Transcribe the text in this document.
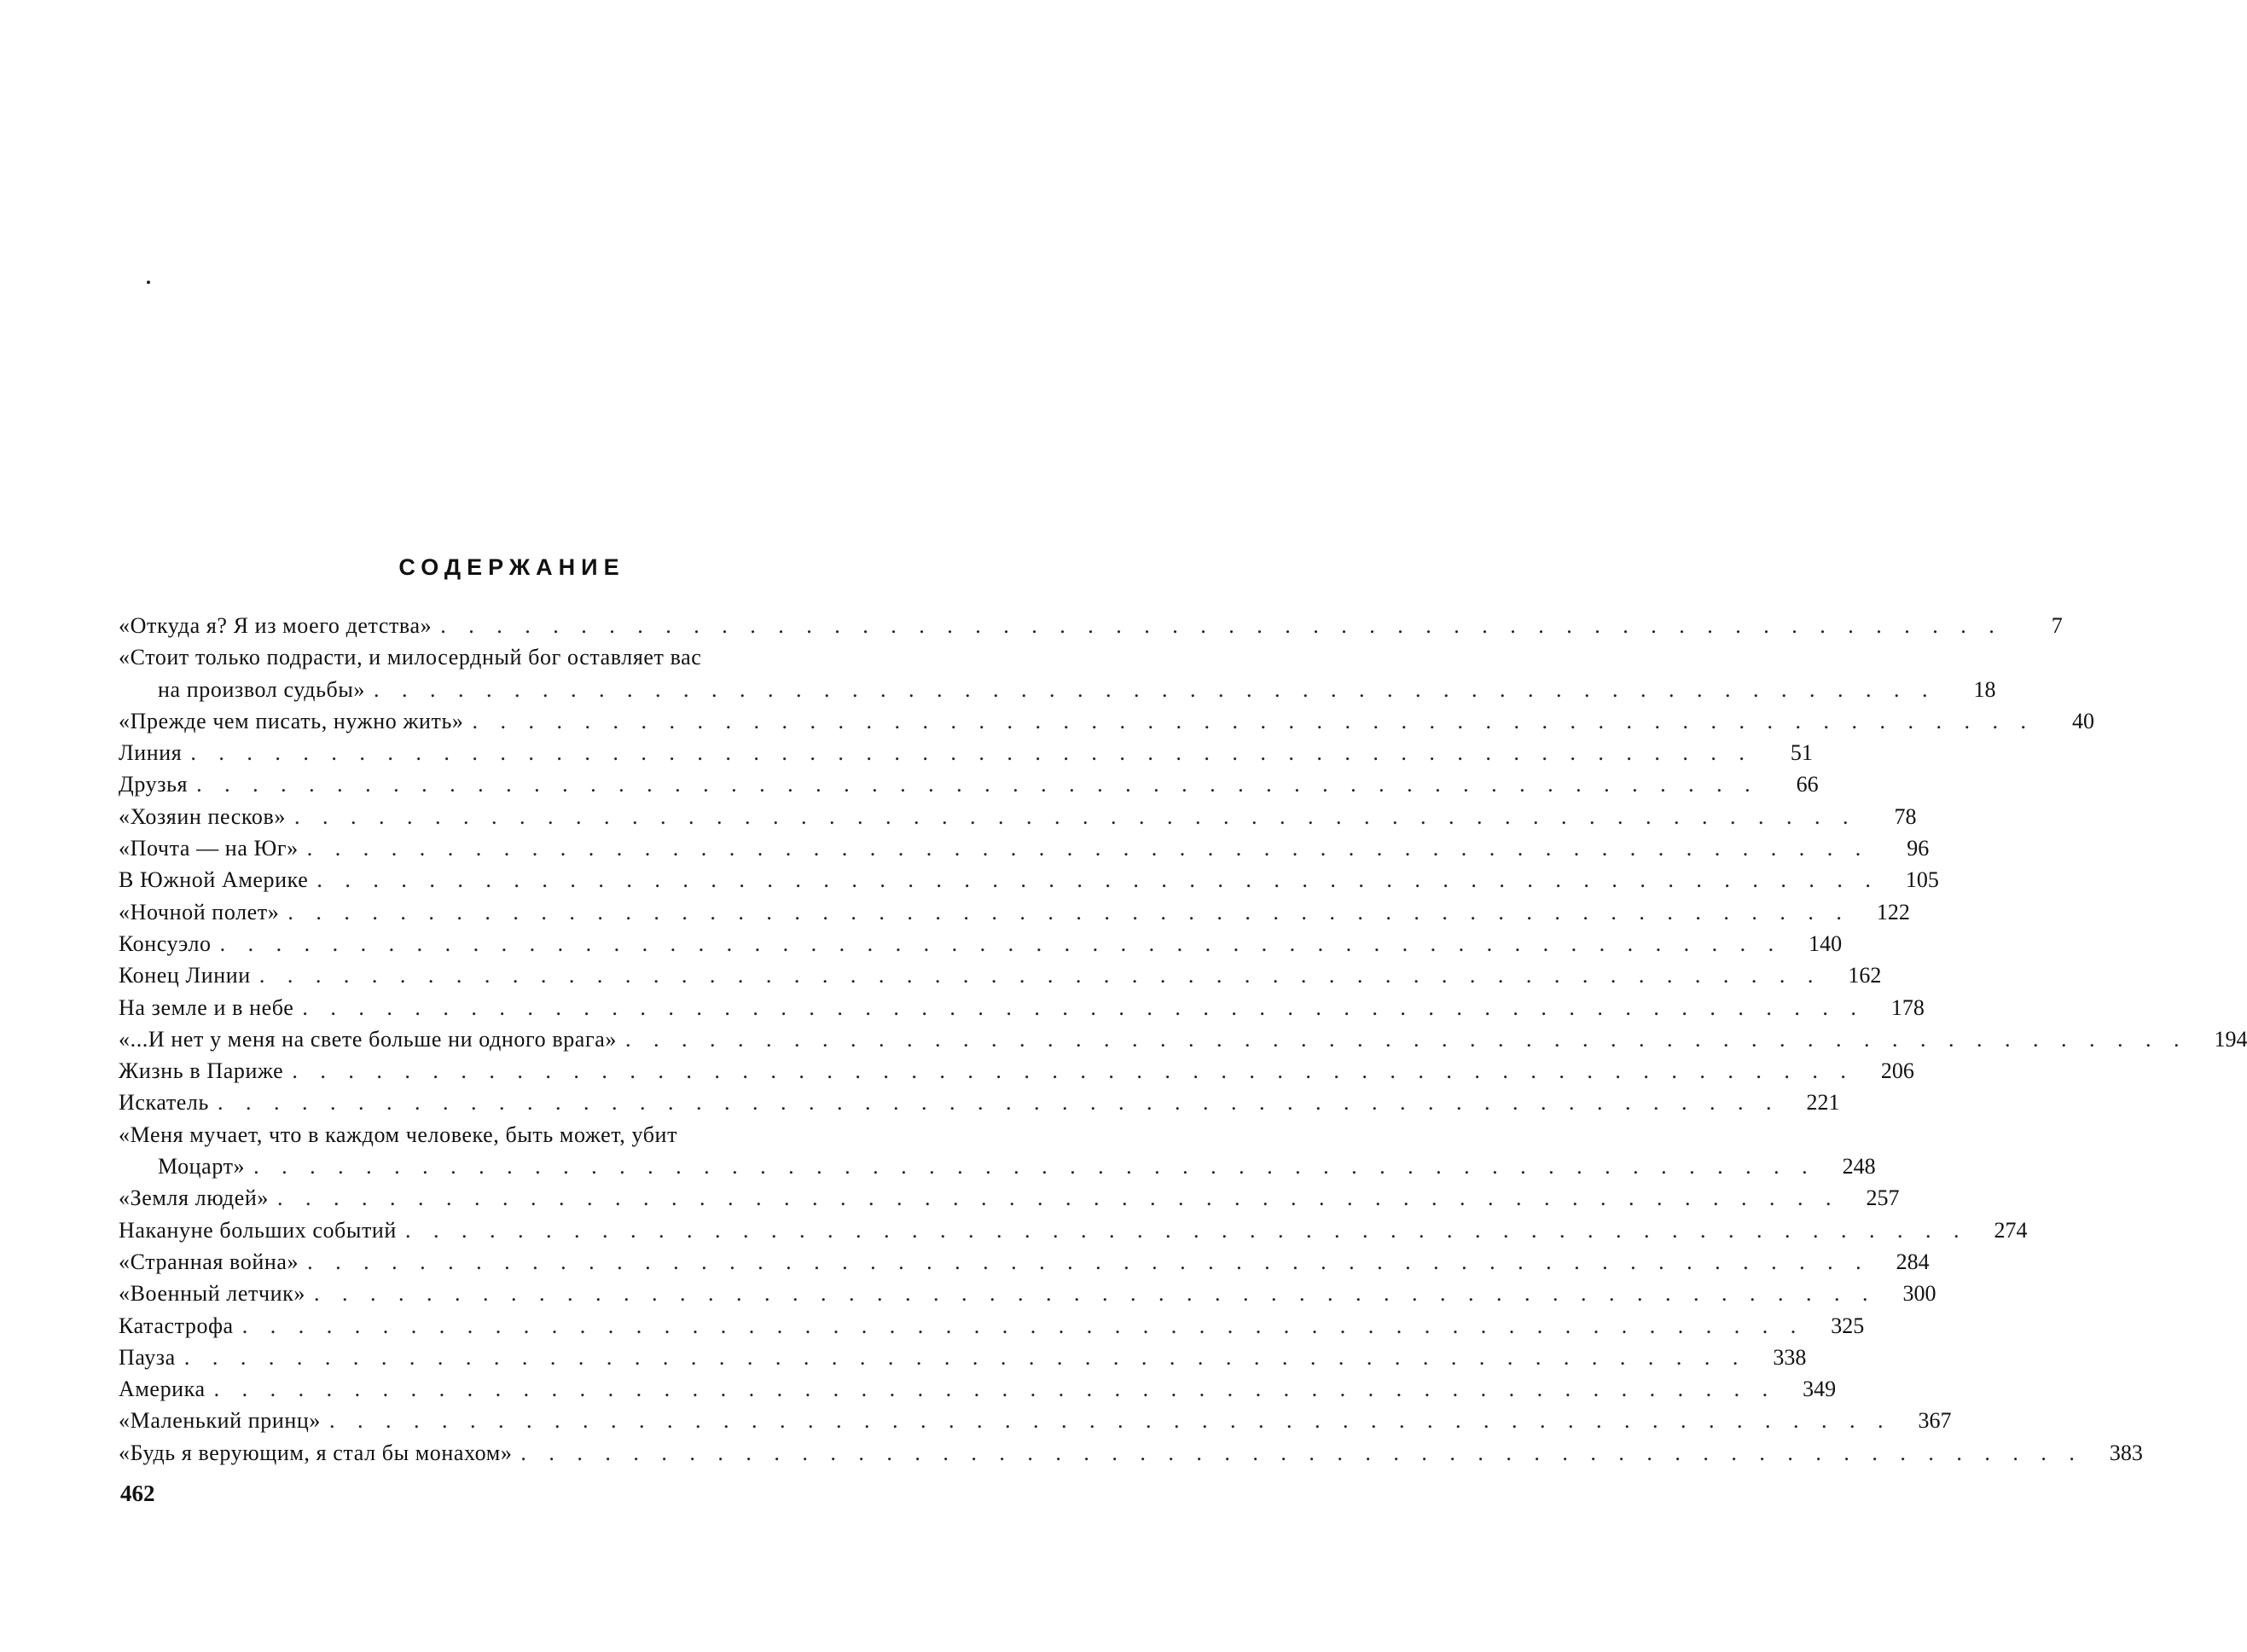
СОДЕРЖАНИЕ
«Откуда я? Я из моего детства» . . . . . . . . . . . . . . . . . . . . . . . . . . . . . . . . . . . . . . . . . . . . . . . . . . . . . . . .	7
«Стоит только подрасти, и милосердный бог оставляет вас
на произвол судьбы» . . . . . . . . . . . . . . . . . . . . . . . . . . . . . . . . . . . . . . . . . . . . . . . . . . . . . . . .	18
«Прежде чем писать, нужно жить» . . . . . . . . . . . . . . . . . . . . . . . . . . . . . . . . . . . . . . . . . . . . . . . . . . . . . . . .	40
Линия . . . . . . . . . . . . . . . . . . . . . . . . . . . . . . . . . . . . . . . . . . . . . . . . . . . . . . . .	51
Друзья . . . . . . . . . . . . . . . . . . . . . . . . . . . . . . . . . . . . . . . . . . . . . . . . . . . . . . . .	66
«Хозяин песков» . . . . . . . . . . . . . . . . . . . . . . . . . . . . . . . . . . . . . . . . . . . . . . . . . . . . . . . .	78
«Почта — на Юг» . . . . . . . . . . . . . . . . . . . . . . . . . . . . . . . . . . . . . . . . . . . . . . . . . . . . . . . .	96
В Южной Америке . . . . . . . . . . . . . . . . . . . . . . . . . . . . . . . . . . . . . . . . . . . . . . . . . . . . . . . .	105
«Ночной полет» . . . . . . . . . . . . . . . . . . . . . . . . . . . . . . . . . . . . . . . . . . . . . . . . . . . . . . . .	122
Консуэло . . . . . . . . . . . . . . . . . . . . . . . . . . . . . . . . . . . . . . . . . . . . . . . . . . . . . . . .	140
Конец Линии . . . . . . . . . . . . . . . . . . . . . . . . . . . . . . . . . . . . . . . . . . . . . . . . . . . . . . . .	162
На земле и в небе . . . . . . . . . . . . . . . . . . . . . . . . . . . . . . . . . . . . . . . . . . . . . . . . . . . . . . . .	178
«...И нет у меня на свете больше ни одного врага» . . . . . . . . . . . . . . . . . . . . . . . . . . . . . . . . . . . . . . . . . . . . . . . . . . . . . . . .	194
Жизнь в Париже . . . . . . . . . . . . . . . . . . . . . . . . . . . . . . . . . . . . . . . . . . . . . . . . . . . . . . . .	206
Искатель . . . . . . . . . . . . . . . . . . . . . . . . . . . . . . . . . . . . . . . . . . . . . . . . . . . . . . . .	221
«Меня мучает, что в каждом человеке, быть может, убит
Моцарт» . . . . . . . . . . . . . . . . . . . . . . . . . . . . . . . . . . . . . . . . . . . . . . . . . . . . . . . .	248
«Земля людей» . . . . . . . . . . . . . . . . . . . . . . . . . . . . . . . . . . . . . . . . . . . . . . . . . . . . . . . .	257
Накануне больших событий . . . . . . . . . . . . . . . . . . . . . . . . . . . . . . . . . . . . . . . . . . . . . . . . . . . . . . . .	274
«Странная война» . . . . . . . . . . . . . . . . . . . . . . . . . . . . . . . . . . . . . . . . . . . . . . . . . . . . . . . .	284
«Военный летчик» . . . . . . . . . . . . . . . . . . . . . . . . . . . . . . . . . . . . . . . . . . . . . . . . . . . . . . . .	300
Катастрофа . . . . . . . . . . . . . . . . . . . . . . . . . . . . . . . . . . . . . . . . . . . . . . . . . . . . . . . .	325
Пауза . . . . . . . . . . . . . . . . . . . . . . . . . . . . . . . . . . . . . . . . . . . . . . . . . . . . . . . .	338
Америка . . . . . . . . . . . . . . . . . . . . . . . . . . . . . . . . . . . . . . . . . . . . . . . . . . . . . . . .	349
«Маленький принц» . . . . . . . . . . . . . . . . . . . . . . . . . . . . . . . . . . . . . . . . . . . . . . . . . . . . . . . .	367
«Будь я верующим, я стал бы монахом» . . . . . . . . . . . . . . . . . . . . . . . . . . . . . . . . . . . . . . . . . . . . . . . . . . . . . . . .	383
462
